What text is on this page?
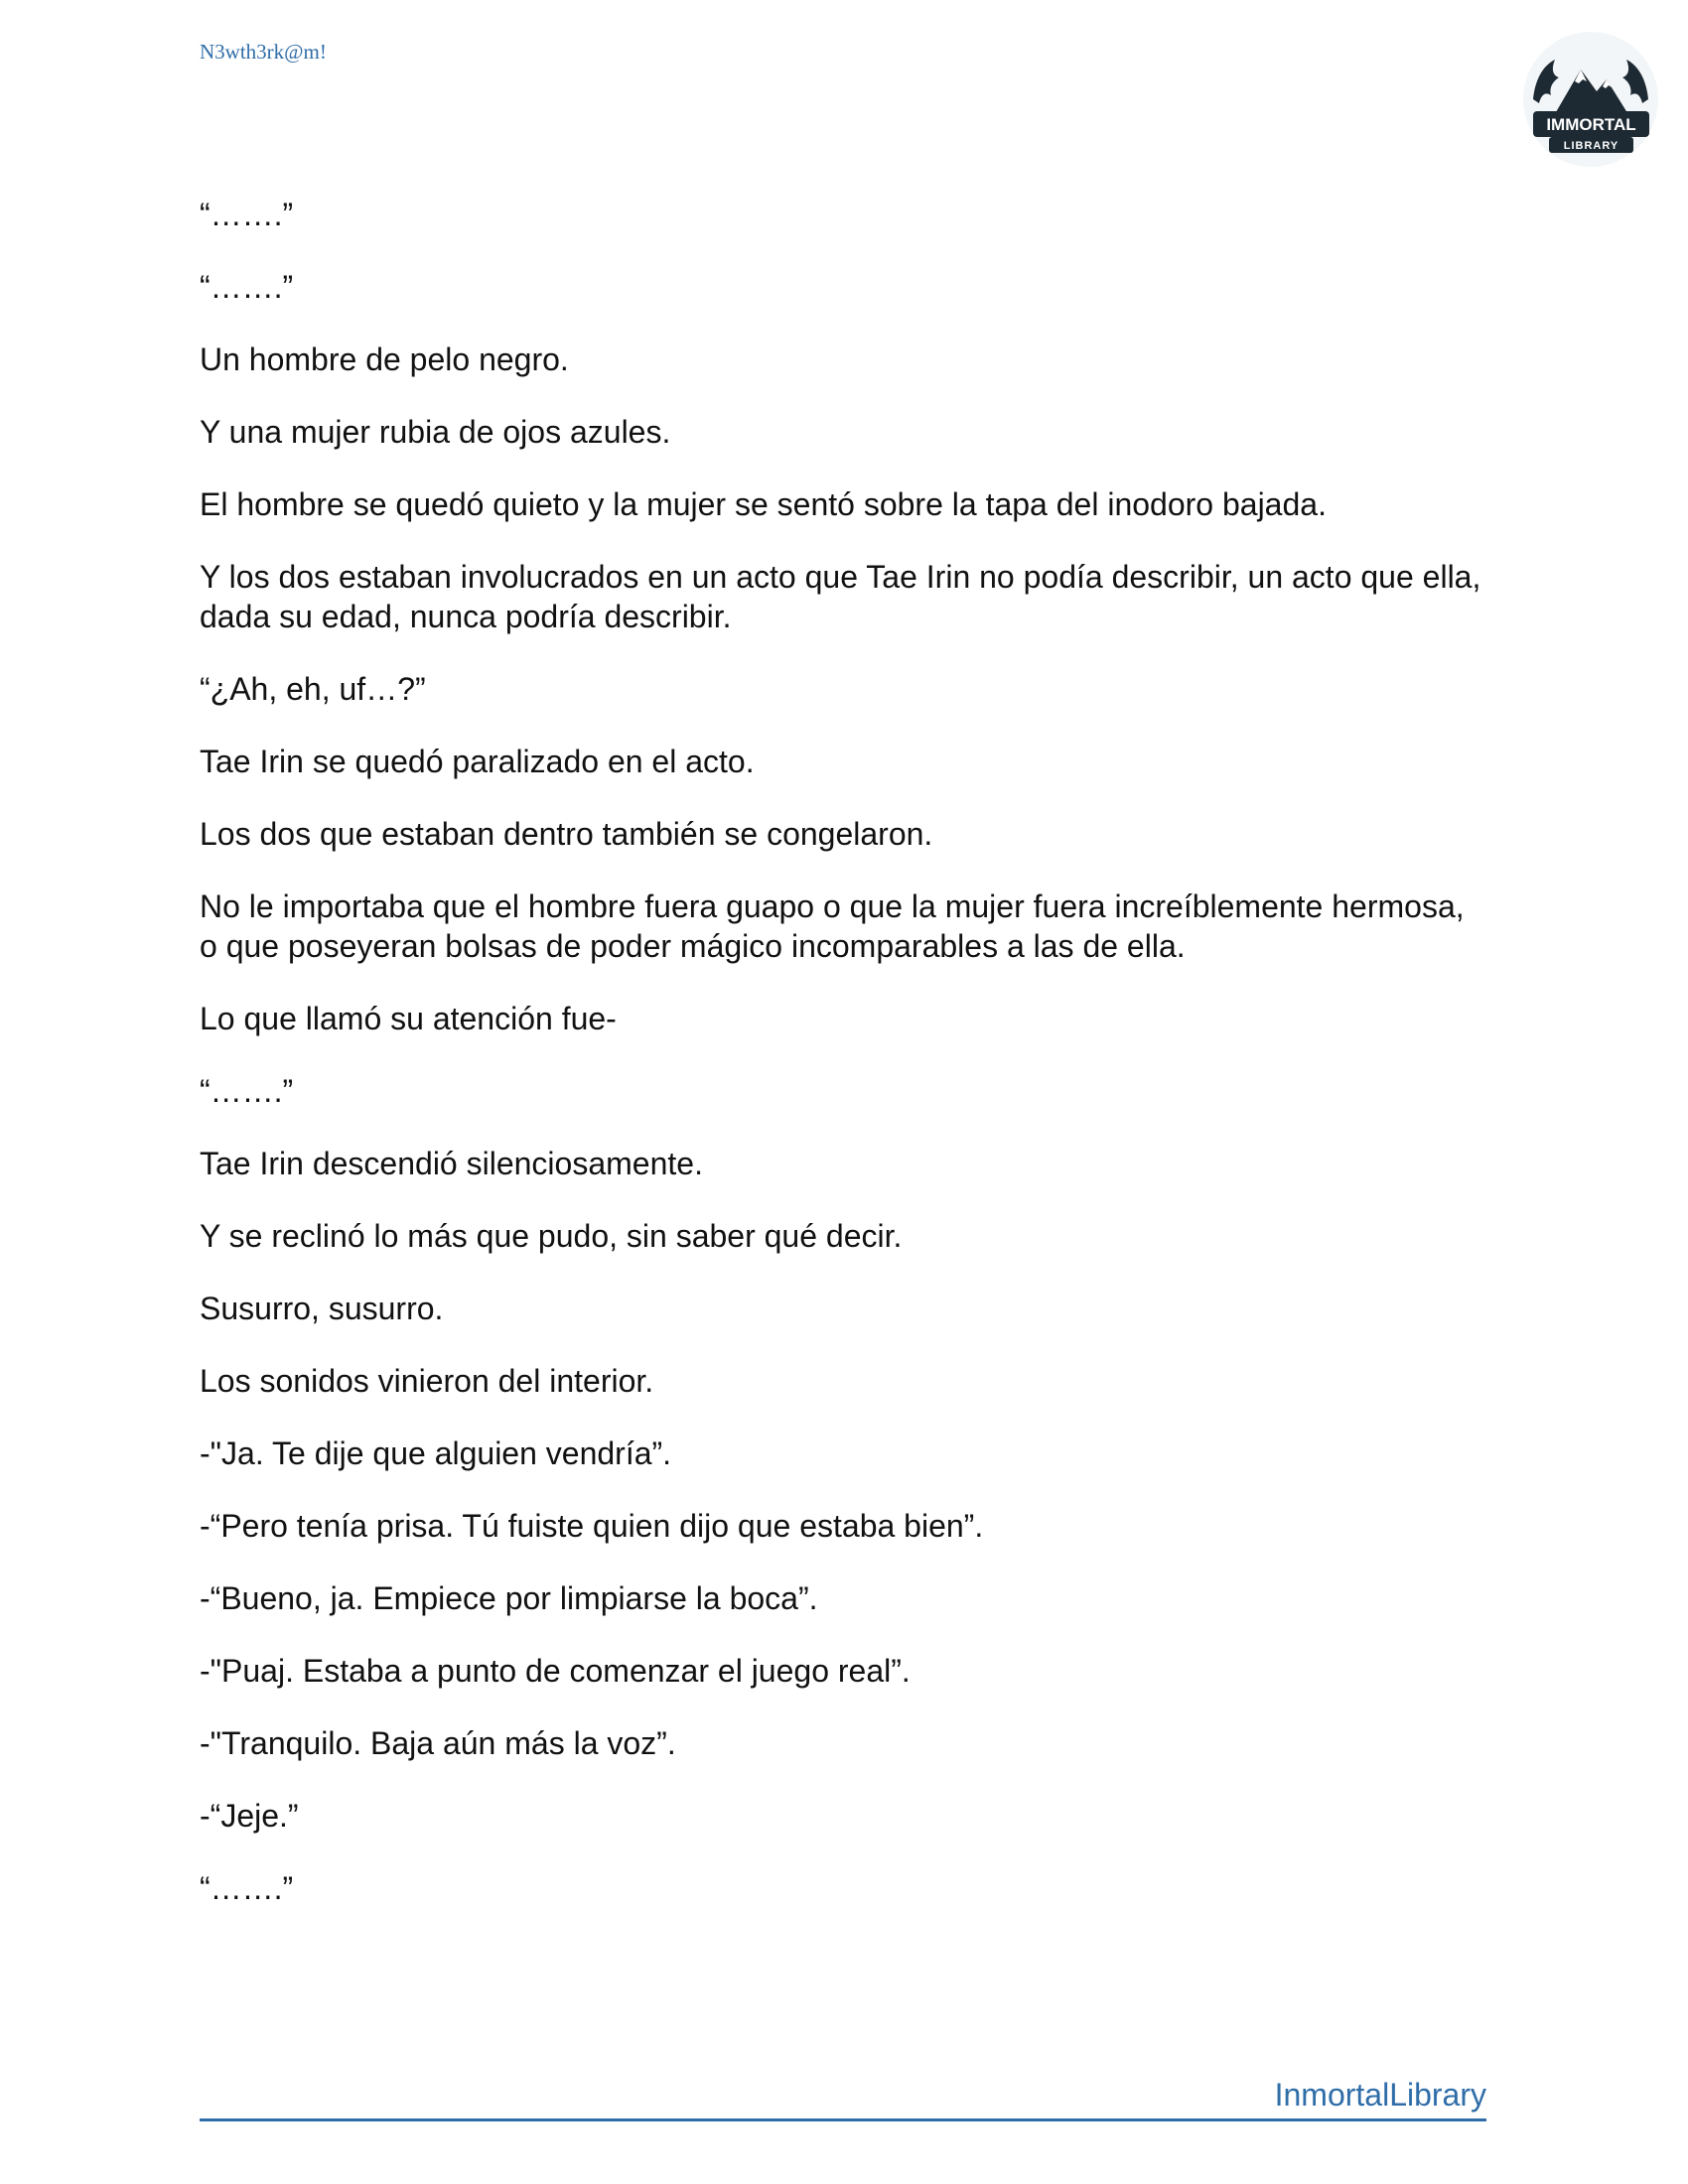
N3wth3rk@m!

IMMORTAL
LIBRARY

“…….”

“…….”

Un hombre de pelo negro.

Y una mujer rubia de ojos azules.

El hombre se quedó quieto y la mujer se sentó sobre la tapa del inodoro bajada.

Y los dos estaban involucrados en un acto que Tae Irin no podía describir, un acto que ella, dada su edad, nunca podría describir.

“¿Ah, eh, uf…?”

Tae Irin se quedó paralizado en el acto.

Los dos que estaban dentro también se congelaron.

No le importaba que el hombre fuera guapo o que la mujer fuera increíblemente hermosa, o que poseyeran bolsas de poder mágico incomparables a las de ella.

Lo que llamó su atención fue-

“…….”

Tae Irin descendió silenciosamente.

Y se reclinó lo más que pudo, sin saber qué decir.

Susurro, susurro.

Los sonidos vinieron del interior.

-"Ja. Te dije que alguien vendría”.

-“Pero tenía prisa. Tú fuiste quien dijo que estaba bien”.

-“Bueno, ja. Empiece por limpiarse la boca”.

-"Puaj. Estaba a punto de comenzar el juego real”.

-"Tranquilo. Baja aún más la voz”.

-“Jeje.”

“…….”

InmortalLibrary
